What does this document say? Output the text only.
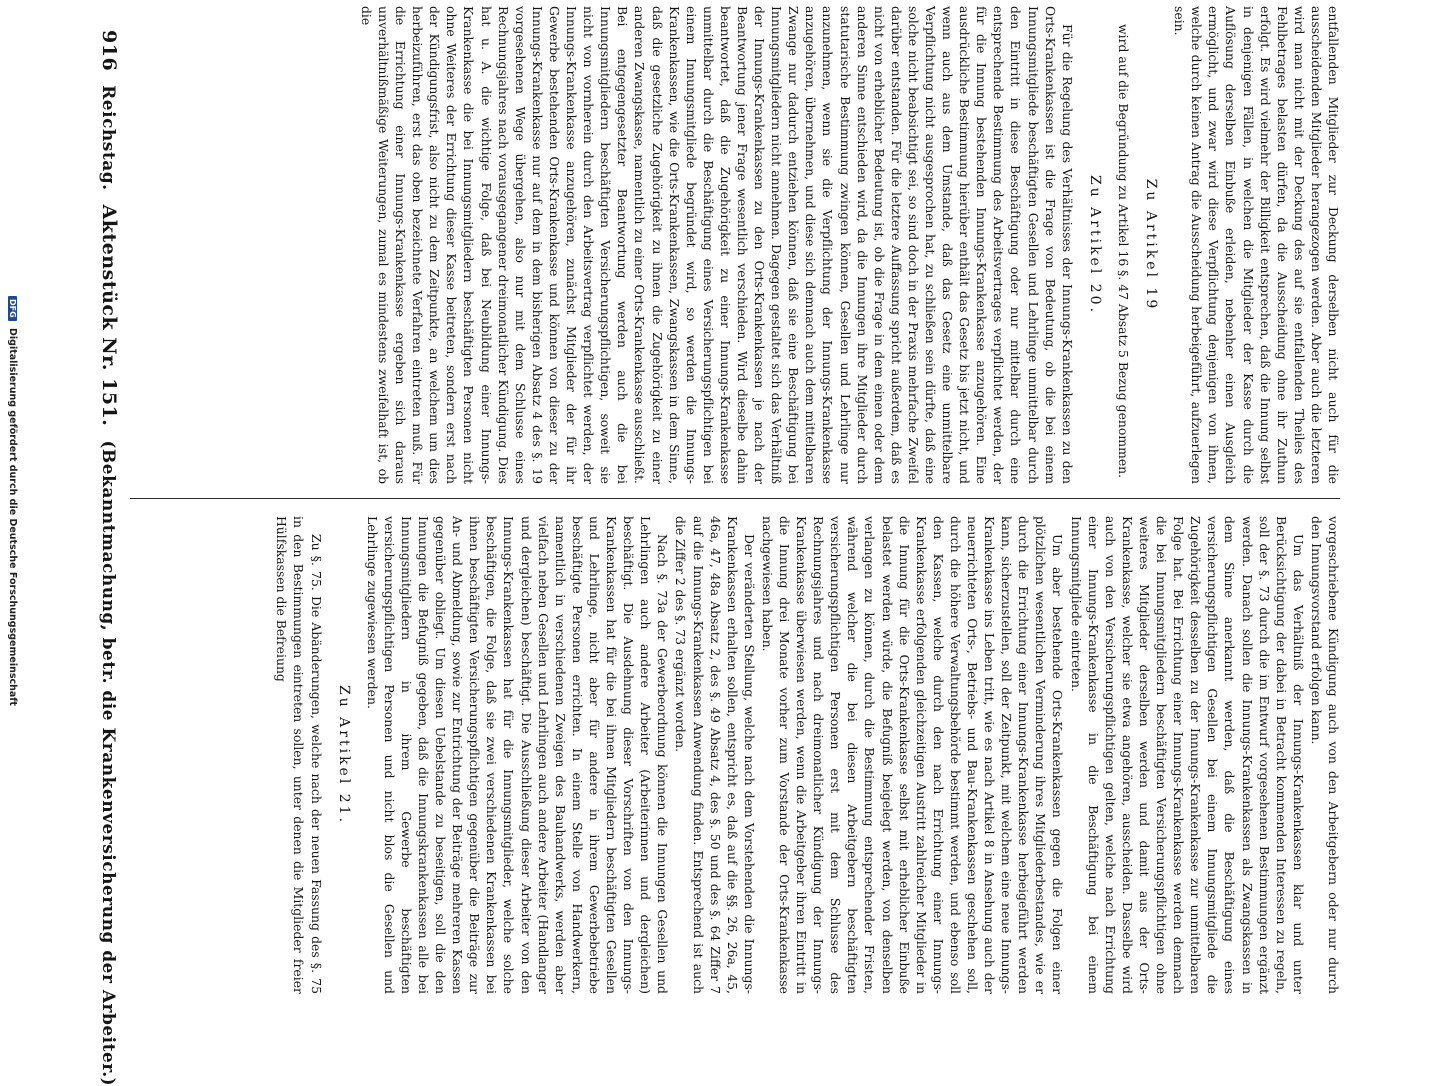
916
Reichstag.
Aktenstück Nr. 151.
(Bekanntmachung, betr. die Krankenversicherung der Arbeiter.)

entfallenden Mitglieder zur Deckung derselben nicht auch für die ausscheidenden Mitglieder herangezogen werden. Aber auch die letzteren wird man nicht mit der Deckung des auf sie entfallenden Theiles des Fehlbetrages belasten dürfen, da die Ausscheidung ohne ihr Zuthun erfolgt. Es wird vielmehr der Billigkeit entsprechen, daß die Innung selbst in denjenigen Fällen, in welchen die Mitglieder der Kasse durch die Auflösung derselben Einbuße erleiden, nebenher einen Ausgleich ermöglicht, und zwar wird diese Verpflichtung denjenigen von ihnen, welche durch keinen Antrag die Ausscheidung herbeigeführt, aufzuerlegen sein.

Zu Artikel 19

wird auf die Begründung zu Artikel 16 §. 47 Absatz 5 Bezug genommen.

Zu Artikel 20.

Für die Regelung des Verhältnisses der Innungs-Krankenkassen zu den Orts-Krankenkassen ist die Frage von Bedeutung, ob die bei einem Innungsmitgliede beschäftigten Gesellen und Lehrlinge unmittelbar durch den Eintritt in diese Beschäftigung oder nur mittelbar durch eine entsprechende Bestimmung des Arbeitsvertrages verpflichtet werden, der für die Innung bestehenden Innungs-Krankenkasse anzugehören. Eine ausdrückliche Bestimmung hierüber enthält das Gesetz bis jetzt nicht, und wenn auch aus dem Umstande, daß das Gesetz eine unmittelbare Verpflichtung nicht ausgesprochen hat, zu schließen sein dürfte, daß eine solche nicht beabsichtigt sei, so sind doch in der Praxis mehrfache Zweifel darüber entstanden. Für die letztere Auffassung spricht außerdem, daß es nicht von erheblicher Bedeutung ist, ob die Frage in dem einen oder dem anderen Sinne entschieden wird, da die Innungen ihre Mitglieder durch statutarische Bestimmung zwingen können, Gesellen und Lehrlinge nur anzunehmen, wenn sie die Verpflichtung der Innungs-Krankenkasse anzugehören, übernehmen, und diese sich demnach auch dem mittelbaren Zwange nur dadurch entziehen können, daß sie eine Beschäftigung bei Innungsmitgliedern nicht annehmen. Dagegen gestaltet sich das Verhältniß der Innungs-Krankenkassen zu den Orts-Krankenkassen je nach der Beantwortung jener Frage wesentlich verschieden. Wird dieselbe dahin beantwortet, daß die Zugehörigkeit zu einer Innungs-Krankenkasse unmittelbar durch die Beschäftigung eines Versicherungspflichtigen bei einem Innungsmitgliede begründet wird, so werden die Innungs-Krankenkassen, wie die Orts-Krankenkassen, Zwangskassen in dem Sinne, daß die gesetzliche Zugehörigkeit zu ihnen die Zugehörigkeit zu einer anderen Zwangskasse, namentlich zu einer Orts-Krankenkasse ausschließt. Bei entgegengesetzter Beantwortung werden auch die bei Innungsmitgliedern beschäftigten Versicherungspflichtigen, soweit sie nicht von vornherein durch den Arbeitsvertrag verpflichtet werden, der Innungs-Krankenkasse anzugehören, zunächst Mitglieder der für ihr Gewerbe bestehenden Orts-Krankenkasse und können von dieser zu der Innungs-Krankenkasse nur auf dem in dem bisherigen Absatz 4 des §. 19 vorgesehenen Wege übergehen, also nur mit dem Schlusse eines Rechnungsjahres nach vorausgegangener dreimonatlicher Kündigung. Dies hat u. A. die wichtige Folge, daß bei Neubildung einer Innungs-Krankenkasse die bei Innungsmitgliedern beschäftigten Personen nicht ohne Weiteres der Errichtung dieser Kasse beitreten, sondern erst nach der Kündigungsfrist, also nicht zu dem Zeitpunkte, an welchem um dies herbeizuführen, erst das oben bezeichnete Verfahren eintreten muß. Für die Errichtung einer Innungs-Krankenkasse ergeben sich daraus unverhältnißmäßige Weiterungen, zumal es mindestens zweifelhaft ist, ob die

vorgeschriebene Kündigung auch von den Arbeitgebern oder nur durch den Innungsvorstand erfolgen kann.

Um das Verhältniß der Innungs-Krankenkassen klar und unter Berücksichtigung der dabei in Betracht kommenden Interessen zu regeln, soll der §. 73 durch die im Entwurf vorgesehenen Bestimmungen ergänzt werden. Danach sollen die Innungs-Krankenkassen als Zwangskassen in dem Sinne anerkannt werden, daß die Beschäftigung eines versicherungspflichtigen Gesellen bei einem Innungsmitgliede die Zugehörigkeit desselben zu der Innungs-Krankenkasse zur unmittelbaren Folge hat. Bei Errichtung einer Innungs-Krankenkasse werden demnach die bei Innungsmitgliedern beschäftigten Versicherungspflichtigen ohne weiteres Mitglieder derselben werden und damit aus der Orts-Krankenkasse, welcher sie etwa angehören, ausscheiden. Dasselbe wird auch von den Versicherungspflichtigen gelten, welche nach Errichtung einer Innungs-Krankenkasse in die Beschäftigung bei einem Innungsmitgliede eintreten.

Um aber bestehende Orts-Krankenkassen gegen die Folgen einer plötzlichen wesentlichen Verminderung ihres Mitgliederbestandes, wie er durch die Errichtung einer Innungs-Krankenkasse herbeigeführt werden kann, sicherzustellen, soll der Zeitpunkt, mit welchem eine neue Innungs-Krankenkasse ins Leben tritt, wie es nach Artikel 8 in Ansehung auch der neuerrichteten Orts-, Betriebs- und Bau-Krankenkassen geschehen soll, durch die höhere Verwaltungsbehörde bestimmt werden, und ebenso soll den Kassen, welche durch den nach Errichtung einer Innungs-Krankenkasse erfolgenden gleichzeitigen Austritt zahlreicher Mitglieder in die Innung für die Orts-Krankenkasse selbst mit erheblicher Einbuße belastet werden würde, die Befugniß beigelegt werden, von denselben verlangen zu können, durch die Bestimmung entsprechender Fristen, während welcher die bei diesen Arbeitgebern beschäftigten versicherungspflichtigen Personen erst mit dem Schlusse des Rechnungsjahres und nach dreimonatlicher Kündigung der Innungs-Krankenkasse überwiesen werden, wenn die Arbeitgeber ihren Eintritt in die Innung drei Monate vorher zum Vorstande der Orts-Krankenkasse nachgewiesen haben.

Der veränderten Stellung, welche nach dem Vorstehenden die Innungs-Krankenkassen erhalten sollen, entspricht es, daß auf die §§. 26, 26a, 45, 46a, 47, 48a Absatz 2, des §. 49 Absatz 4, des §. 50 und des §. 64 Ziffer 7 auf die Innungs-Krankenkassen Anwendung finden. Entsprechend ist auch die Ziffer 2 des §. 73 ergänzt worden.

Nach §. 73a der Gewerbeordnung können die Innungen Gesellen und Lehrlingen auch andere Arbeiter (Arbeiterinnen und dergleichen) beschäftigt. Die Ausdehnung dieser Vorschriften von den Innungs-Krankenkassen hat für die bei ihnen Mitgliedern beschäftigten Gesellen und Lehrlinge, nicht aber für andere in ihrem Gewerbebetriebe beschäftigte Personen errichten. In einem Stelle von Handwerkern, namentlich in verschiedenen Zweigen des Bauhandwerks, werden aber vielfach neben Gesellen und Lehrlingen auch andere Arbeiter (Handlanger und dergleichen) beschäftigt. Die Ausschließung dieser Arbeiter von den Innungs-Krankenkassen hat für die Innungsmitglieder, welche solche beschäftigen, die Folge, daß sie zwei verschiedenen Krankenkassen bei ihnen beschäftigten Versicherungspflichtigen gegenüber die Beiträge zur An- und Abmeldung, sowie zur Entrichtung der Beiträge mehreren Kassen gegenüber obliegt. Um diesen Uebelstande zu beseitigen, soll die den Innungen die Befugniß gegeben, daß die Innungskrankenkassen alle bei Innungsmitgliedern in ihrem Gewerbe beschäftigten versicherungspflichtigen Personen und nicht blos die Gesellen und Lehrlinge zugewiesen werden.

Zu Artikel 21.

Zu §. 75. Die Abänderungen, welche nach der neuen Fassung des §. 75 in den Bestimmungen eintreten sollen, unter denen die Mitglieder freier Hülfskassen die Befreiung

DFG Digitalisierung gefördert durch die Deutsche Forschungsgemeinschaft
